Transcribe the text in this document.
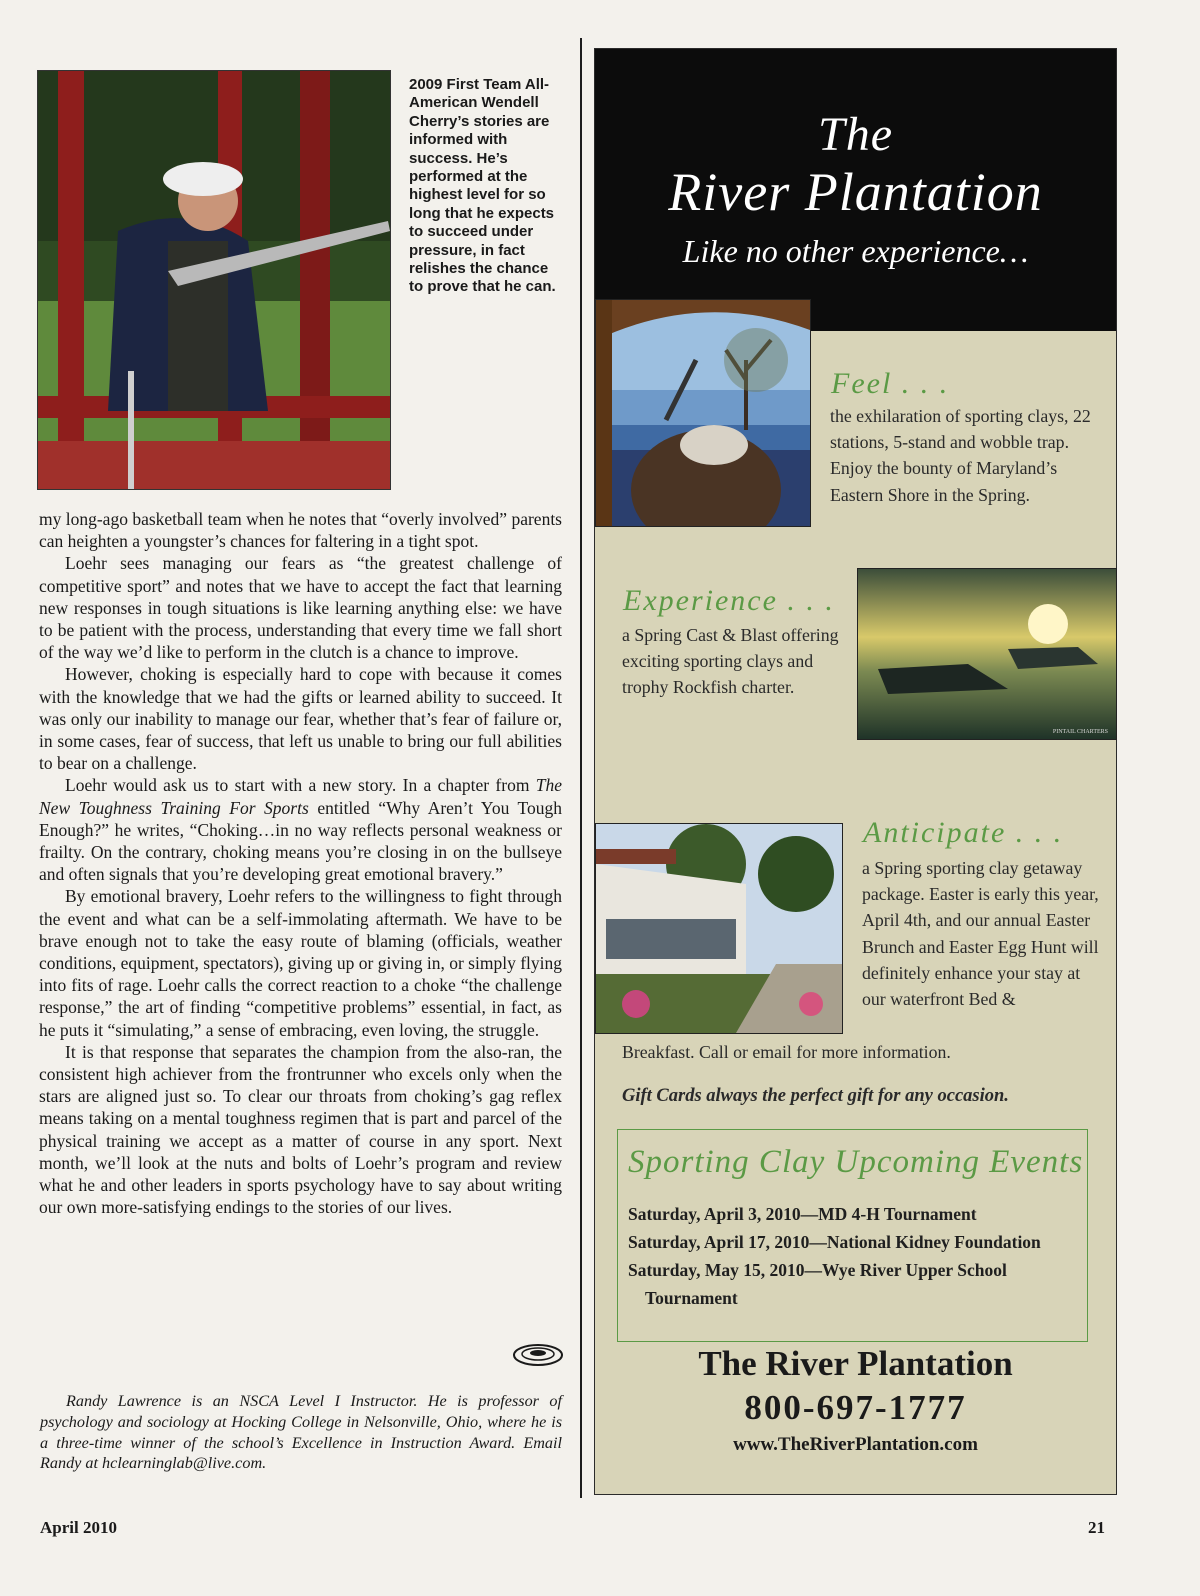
2009 First Team All-American Wendell Cherry’s stories are informed with success. He’s performed at the highest level for so long that he expects to succeed under pressure, in fact relishes the chance to prove that he can.

my long-ago basketball team when he notes that “overly involved” parents can heighten a youngster’s chances for faltering in a tight spot.

Loehr sees managing our fears as “the greatest challenge of competitive sport” and notes that we have to accept the fact that learning new responses in tough situations is like learning anything else: we have to be patient with the process, understanding that every time we fall short of the way we’d like to perform in the clutch is a chance to improve.

However, choking is especially hard to cope with because it comes with the knowledge that we had the gifts or learned ability to succeed. It was only our inability to manage our fear, whether that’s fear of failure or, in some cases, fear of success, that left us unable to bring our full abilities to bear on a challenge.

Loehr would ask us to start with a new story. In a chapter from The New Toughness Training For Sports entitled “Why Aren’t You Tough Enough?” he writes, “Choking…in no way reflects personal weakness or frailty. On the contrary, choking means you’re closing in on the bullseye and often signals that you’re developing great emotional bravery.”

By emotional bravery, Loehr refers to the willingness to fight through the event and what can be a self-immolating aftermath. We have to be brave enough not to take the easy route of blaming (officials, weather conditions, equipment, spectators), giving up or giving in, or simply flying into fits of rage. Loehr calls the correct reaction to a choke “the challenge response,” the art of finding “competitive problems” essential, in fact, as he puts it “simulating,” a sense of embracing, even loving, the struggle.

It is that response that separates the champion from the also-ran, the consistent high achiever from the frontrunner who excels only when the stars are aligned just so. To clear our throats from choking’s gag reflex means taking on a mental toughness regimen that is part and parcel of the physical training we accept as a matter of course in any sport. Next month, we’ll look at the nuts and bolts of Loehr’s program and review what he and other leaders in sports psychology have to say about writing our own more-satisfying endings to the stories of our lives.

Randy Lawrence is an NSCA Level I Instructor. He is professor of psychology and sociology at Hocking College in Nelsonville, Ohio, where he is a three-time winner of the school’s Excellence in Instruction Award. Email Randy at hclearninglab@live.com.

April 2010	21

The

River Plantation

Like no other experience…

Feel . . .

the exhilaration of sporting clays, 22 stations, 5-stand and wobble trap. Enjoy the bounty of Maryland’s Eastern Shore in the Spring.

Experience . . .

a Spring Cast & Blast offering exciting sporting clays and trophy Rockfish charter.

PINTAIL CHARTERS

Anticipate . . .

a Spring sporting clay getaway package. Easter is early this year, April 4th, and our annual Easter Brunch and Easter Egg Hunt will definitely enhance your stay at our waterfront Bed &

Breakfast. Call or email for more information.

Gift Cards always the perfect gift for any occasion.

Sporting Clay Upcoming Events

Saturday, April 3, 2010—MD 4-H Tournament
Saturday, April 17, 2010—National Kidney Foundation
Saturday, May 15, 2010—Wye River Upper School Tournament

The River Plantation

800-697-1777

www.TheRiverPlantation.com
